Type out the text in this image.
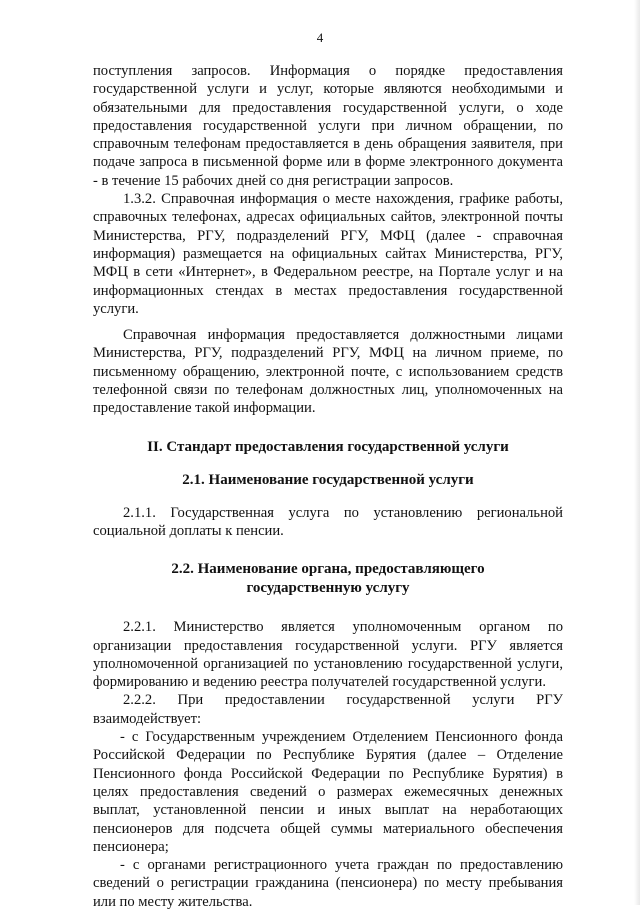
4

поступления запросов. Информация о порядке предоставления государственной услуги и услуг, которые являются необходимыми и обязательными для предоставления государственной услуги, о ходе предоставления государственной услуги при личном обращении, по справочным телефонам предоставляется в день обращения заявителя, при подаче запроса в письменной форме или в форме электронного документа - в течение 15 рабочих дней со дня регистрации запросов.

1.3.2. Справочная информация о месте нахождения, графике работы, справочных телефонах, адресах официальных сайтов, электронной почты Министерства, РГУ, подразделений РГУ, МФЦ (далее - справочная информация) размещается на официальных сайтах Министерства, РГУ, МФЦ в сети «Интернет», в Федеральном реестре, на Портале услуг и на информационных стендах в местах предоставления государственной услуги.

Справочная информация предоставляется должностными лицами Министерства, РГУ, подразделений РГУ, МФЦ на личном приеме, по письменному обращению, электронной почте, с использованием средств телефонной связи по телефонам должностных лиц, уполномоченных на предоставление такой информации.

II. Стандарт предоставления государственной услуги

2.1. Наименование государственной услуги

2.1.1. Государственная услуга по установлению региональной социальной доплаты к пенсии.

2.2. Наименование органа, предоставляющего государственную услугу

2.2.1. Министерство является уполномоченным органом по организации предоставления государственной услуги. РГУ является уполномоченной организацией по установлению государственной услуги, формированию и ведению реестра получателей государственной услуги.

2.2.2. При предоставлении государственной услуги РГУ взаимодействует:

- с Государственным учреждением Отделением Пенсионного фонда Российской Федерации по Республике Бурятия (далее – Отделение Пенсионного фонда Российской Федерации по Республике Бурятия) в целях предоставления сведений о размерах ежемесячных денежных выплат, установленной пенсии и иных выплат на неработающих пенсионеров для подсчета общей суммы материального обеспечения пенсионера;

- с органами регистрационного учета граждан по предоставлению сведений о регистрации гражданина (пенсионера) по месту пребывания или по месту жительства.
